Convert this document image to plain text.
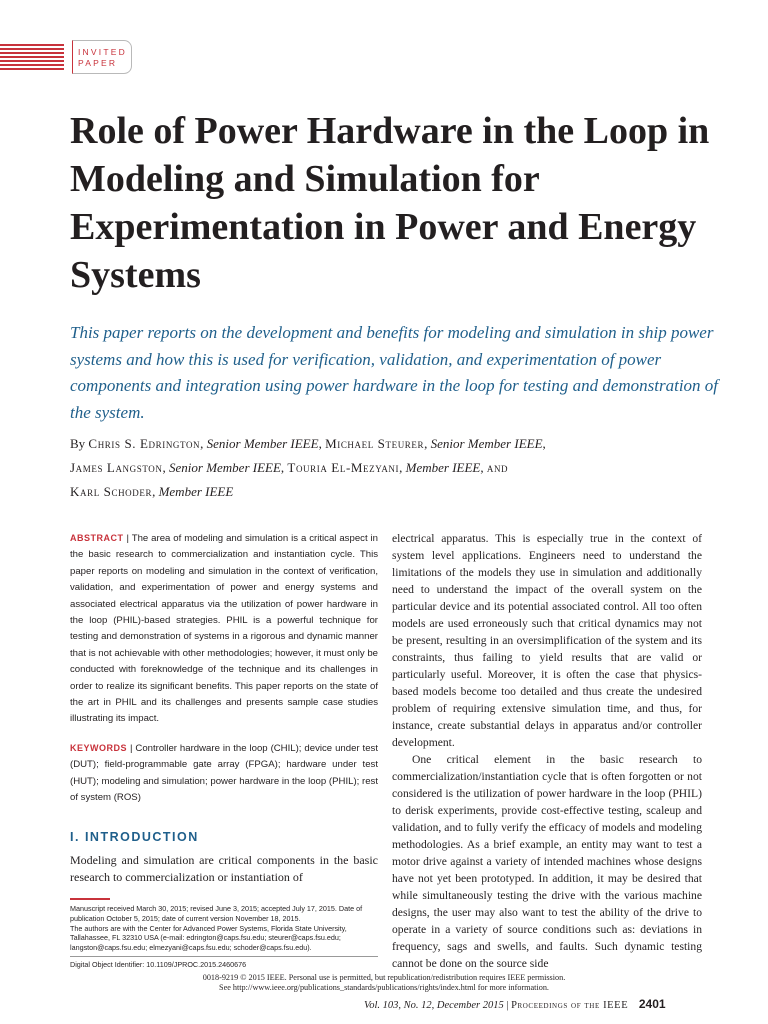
INVITED
PAPER
Role of Power Hardware in the Loop in Modeling and Simulation for Experimentation in Power and Energy Systems
This paper reports on the development and benefits for modeling and simulation in ship power systems and how this is used for verification, validation, and experimentation of power components and integration using power hardware in the loop for testing and demonstration of the system.
By Chris S. Edrington, Senior Member IEEE, Michael Steurer, Senior Member IEEE,
James Langston, Senior Member IEEE, Touria El-Mezyani, Member IEEE, and
Karl Schoder, Member IEEE
ABSTRACT | The area of modeling and simulation is a critical aspect in the basic research to commercialization and instantiation cycle. This paper reports on modeling and simulation in the context of verification, validation, and experimentation of power and energy systems and associated electrical apparatus via the utilization of power hardware in the loop (PHIL)-based strategies. PHIL is a powerful technique for testing and demonstration of systems in a rigorous and dynamic manner that is not achievable with other methodologies; however, it must only be conducted with foreknowledge of the technique and its challenges in order to realize its significant benefits. This paper reports on the state of the art in PHIL and its challenges and presents sample case studies illustrating its impact.
KEYWORDS | Controller hardware in the loop (CHIL); device under test (DUT); field-programmable gate array (FPGA); hardware under test (HUT); modeling and simulation; power hardware in the loop (PHIL); rest of system (ROS)
I. INTRODUCTION
Modeling and simulation are critical components in the basic research to commercialization or instantiation of
Manuscript received March 30, 2015; revised June 3, 2015; accepted July 17, 2015. Date of publication October 5, 2015; date of current version November 18, 2015.
The authors are with the Center for Advanced Power Systems, Florida State University, Tallahassee, FL 32310 USA (e-mail: edrington@caps.fsu.edu; steurer@caps.fsu.edu; langston@caps.fsu.edu; elmezyani@caps.fsu.edu; schoder@caps.fsu.edu).
Digital Object Identifier: 10.1109/JPROC.2015.2460676

electrical apparatus. This is especially true in the context of system level applications. Engineers need to understand the limitations of the models they use in simulation and additionally need to understand the impact of the overall system on the particular device and its potential associated control. All too often models are used erroneously such that critical dynamics may not be present, resulting in an oversimplification of the system and its constraints, thus failing to yield results that are valid or particularly useful. Moreover, it is often the case that physics-based models become too detailed and thus create the undesired problem of requiring extensive simulation time, and thus, for instance, create substantial delays in apparatus and/or controller development.

One critical element in the basic research to commercialization/instantiation cycle that is often forgotten or not considered is the utilization of power hardware in the loop (PHIL) to derisk experiments, provide cost-effective testing, scaleup and validation, and to fully verify the efficacy of models and modeling methodologies. As a brief example, an entity may want to test a motor drive against a variety of intended machines whose designs have not yet been prototyped. In addition, it may be desired that while simultaneously testing the drive with the various machine designs, the user may also want to test the ability of the drive to operate in a variety of source conditions such as: deviations in frequency, sags and swells, and faults. Such dynamic testing cannot be done on the source side

0018-9219 © 2015 IEEE. Personal use is permitted, but republication/redistribution requires IEEE permission.
See http://www.ieee.org/publications_standards/publications/rights/index.html for more information.
Vol. 103, No. 12, December 2015 | Proceedings of the IEEE 2401
